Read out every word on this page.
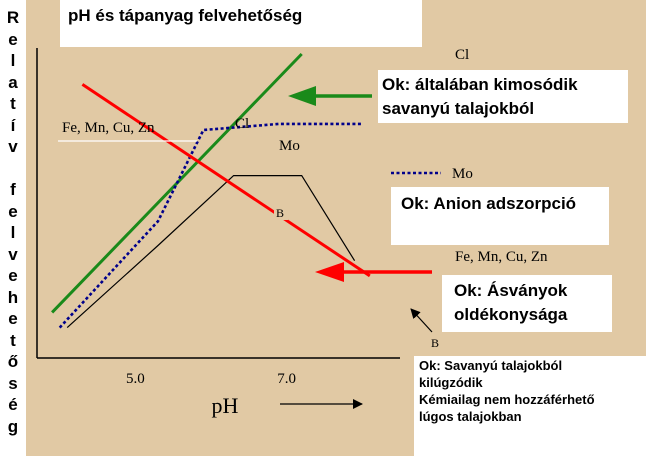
5.0	7.0
pH
Fe, Mn, Cu, Zn	Cl
Mo
B
B
R
e
l
a
t
í
v
f
e
l
v
e
h
e
t
ő
s
é
g
pH és tápanyag felvehetőség
Cl
Ok: általában kimosódik
savanyú talajokból
Mo
Ok: Anion adszorpció
Fe, Mn, Cu, Zn
Ok: Ásványok
oldékonysága
Ok: Savanyú talajokból
kilúgzódik
Kémiailag nem hozzáférhető
lúgos talajokban
